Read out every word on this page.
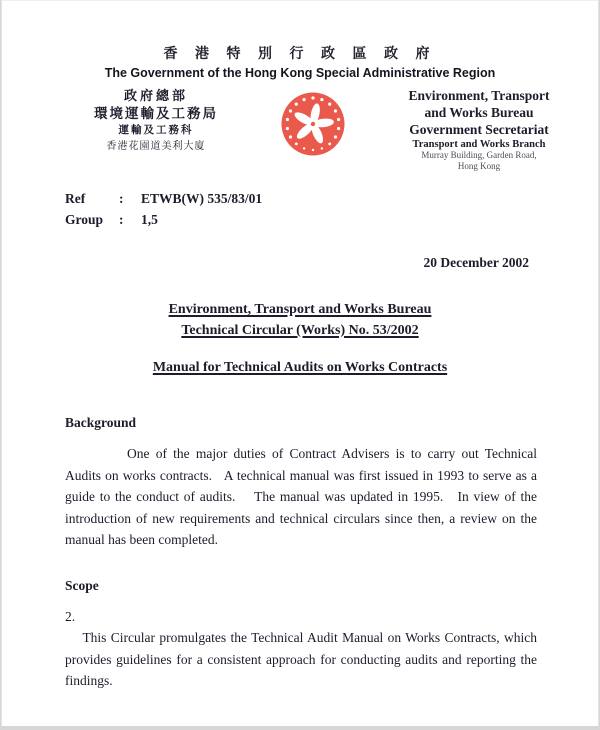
香 港 特 別 行 政 區 政 府
The Government of the Hong Kong Special Administrative Region
政府總部
環境運輸及工務局
運輸及工務科
香港花園道美利大廈
Environment, Transport
and Works Bureau
Government Secretariat
Transport and Works Branch
Murray Building, Garden Road,
Hong Kong
Ref	:	ETWB(W) 535/83/01
Group	:	1,5
20 December 2002
Environment, Transport and Works Bureau
Technical Circular (Works) No. 53/2002
Manual for Technical Audits on Works Contracts
Background
One of the major duties of Contract Advisers is to carry out Technical Audits on works contracts.   A technical manual was first issued in 1993 to serve as a guide to the conduct of audits.    The manual was updated in 1995.   In view of the introduction of new requirements and technical circulars since then, a review on the manual has been completed.
Scope

2.
This Circular promulgates the Technical Audit Manual on Works Contracts, which provides guidelines for a consistent approach for conducting audits and reporting the findings.
